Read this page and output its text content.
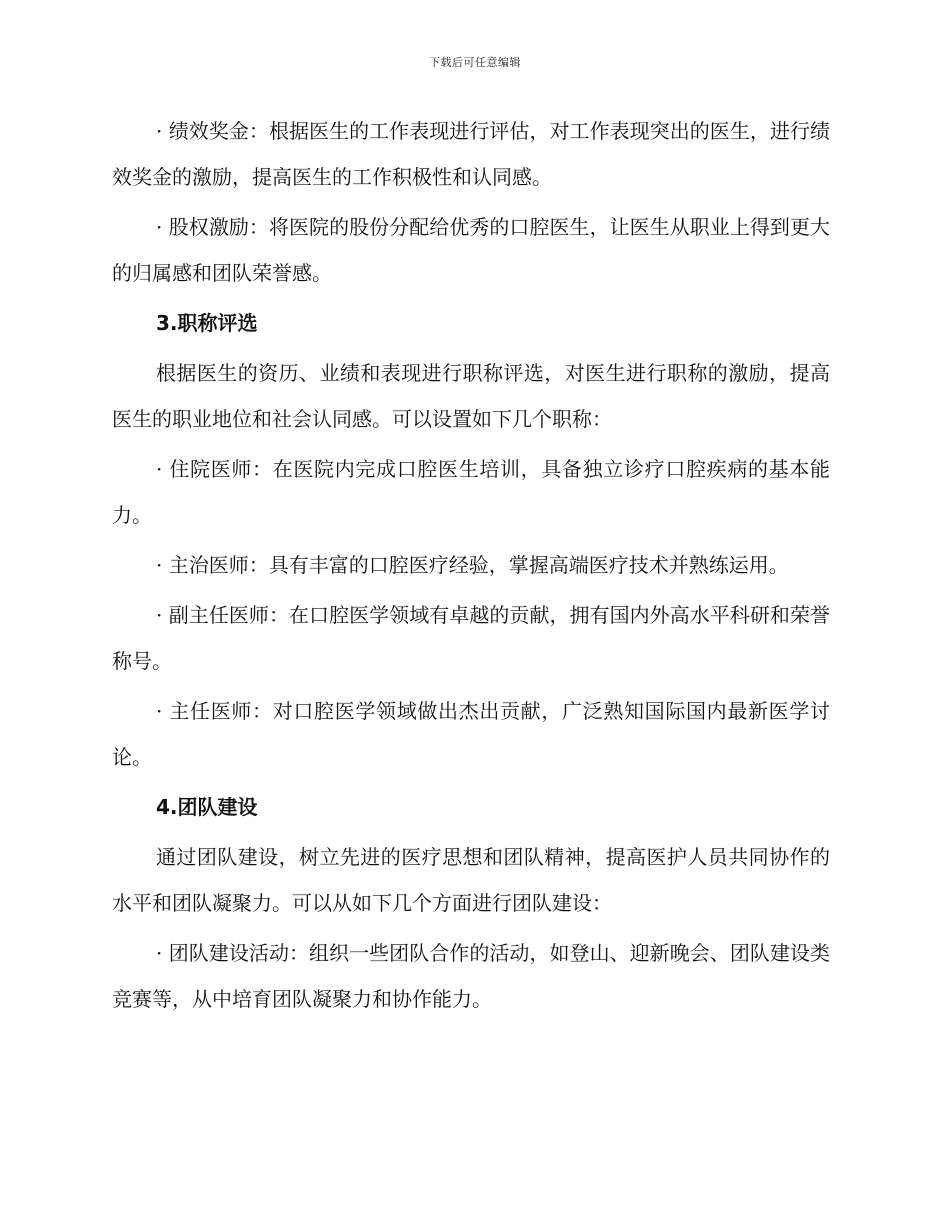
下载后可任意编辑

· 绩效奖金：根据医生的工作表现进行评估，对工作表现突出的医生，进行绩效奖金的激励，提高医生的工作积极性和认同感。

· 股权激励：将医院的股份分配给优秀的口腔医生，让医生从职业上得到更大的归属感和团队荣誉感。

3.职称评选

根据医生的资历、业绩和表现进行职称评选，对医生进行职称的激励，提高医生的职业地位和社会认同感。可以设置如下几个职称：

· 住院医师：在医院内完成口腔医生培训，具备独立诊疗口腔疾病的基本能力。

· 主治医师：具有丰富的口腔医疗经验，掌握高端医疗技术并熟练运用。

· 副主任医师：在口腔医学领域有卓越的贡献，拥有国内外高水平科研和荣誉称号。

· 主任医师：对口腔医学领域做出杰出贡献，广泛熟知国际国内最新医学讨论。

4.团队建设

通过团队建设，树立先进的医疗思想和团队精神，提高医护人员共同协作的水平和团队凝聚力。可以从如下几个方面进行团队建设：

· 团队建设活动：组织一些团队合作的活动，如登山、迎新晚会、团队建设类竞赛等，从中培育团队凝聚力和协作能力。
